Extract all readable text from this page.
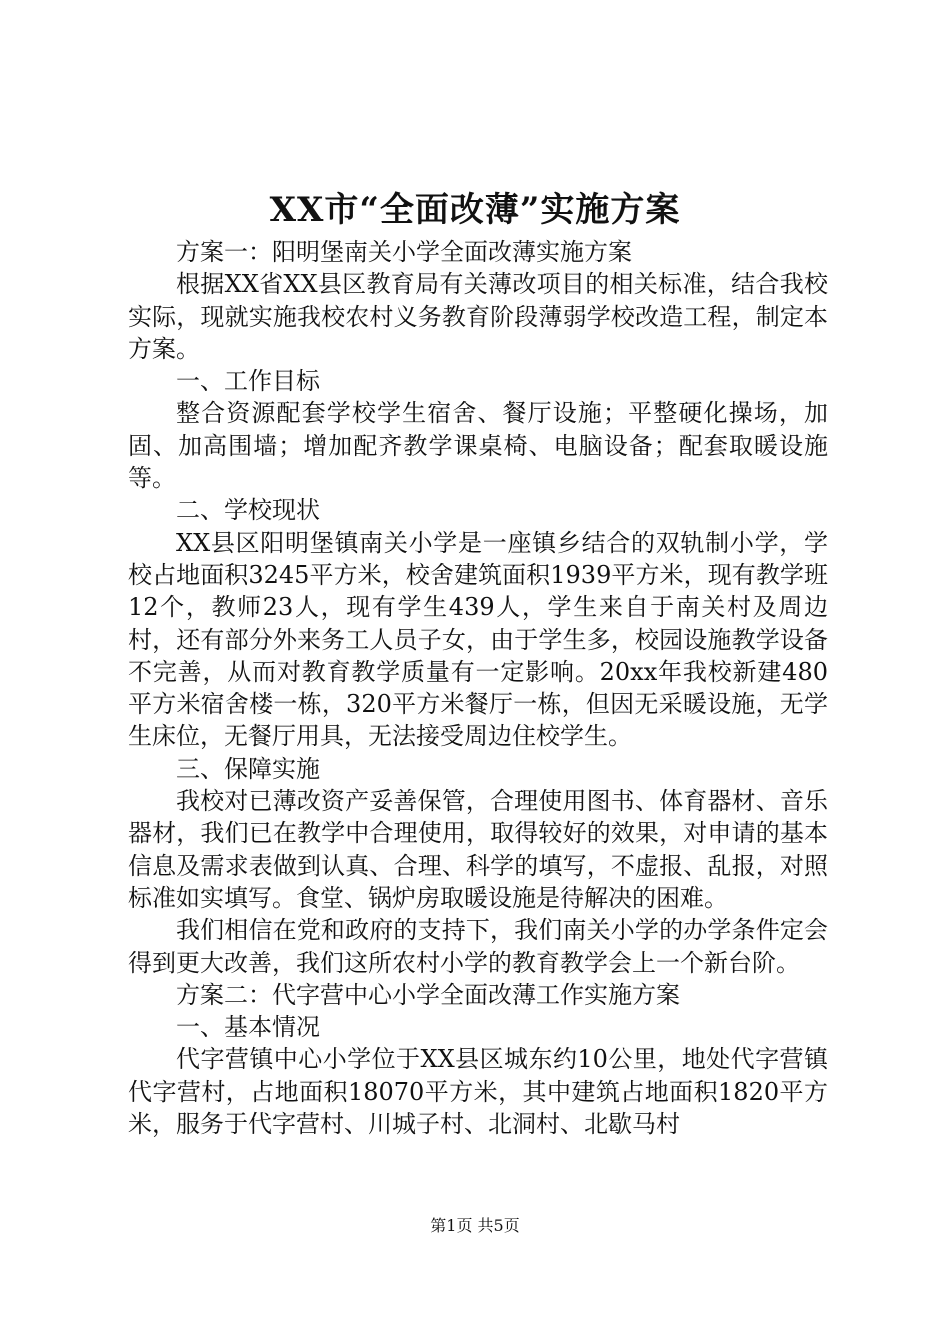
XX市“全面改薄”实施方案

方案一：阳明堡南关小学全面改薄实施方案

根据XX省XX县区教育局有关薄改项目的相关标准，结合我校实际，现就实施我校农村义务教育阶段薄弱学校改造工程，制定本方案。

一、工作目标

整合资源配套学校学生宿舍、餐厅设施；平整硬化操场，加固、加高围墙；增加配齐教学课桌椅、电脑设备；配套取暖设施等。

二、学校现状

XX县区阳明堡镇南关小学是一座镇乡结合的双轨制小学，学校占地面积3245平方米，校舍建筑面积1939平方米，现有教学班12个，教师23人，现有学生439人，学生来自于南关村及周边村，还有部分外来务工人员子女，由于学生多，校园设施教学设备不完善，从而对教育教学质量有一定影响。20xx年我校新建480平方米宿舍楼一栋，320平方米餐厅一栋，但因无采暖设施，无学生床位，无餐厅用具，无法接受周边住校学生。

三、保障实施

我校对已薄改资产妥善保管，合理使用图书、体育器材、音乐器材，我们已在教学中合理使用，取得较好的效果，对申请的基本信息及需求表做到认真、合理、科学的填写，不虚报、乱报，对照标准如实填写。食堂、锅炉房取暖设施是待解决的困难。

我们相信在党和政府的支持下，我们南关小学的办学条件定会得到更大改善，我们这所农村小学的教育教学会上一个新台阶。

方案二：代字营中心小学全面改薄工作实施方案

一、基本情况

代字营镇中心小学位于XX县区城东约10公里，地处代字营镇代字营村，占地面积18070平方米，其中建筑占地面积1820平方米，服务于代字营村、川城子村、北洞村、北歇马村

第1页 共5页
